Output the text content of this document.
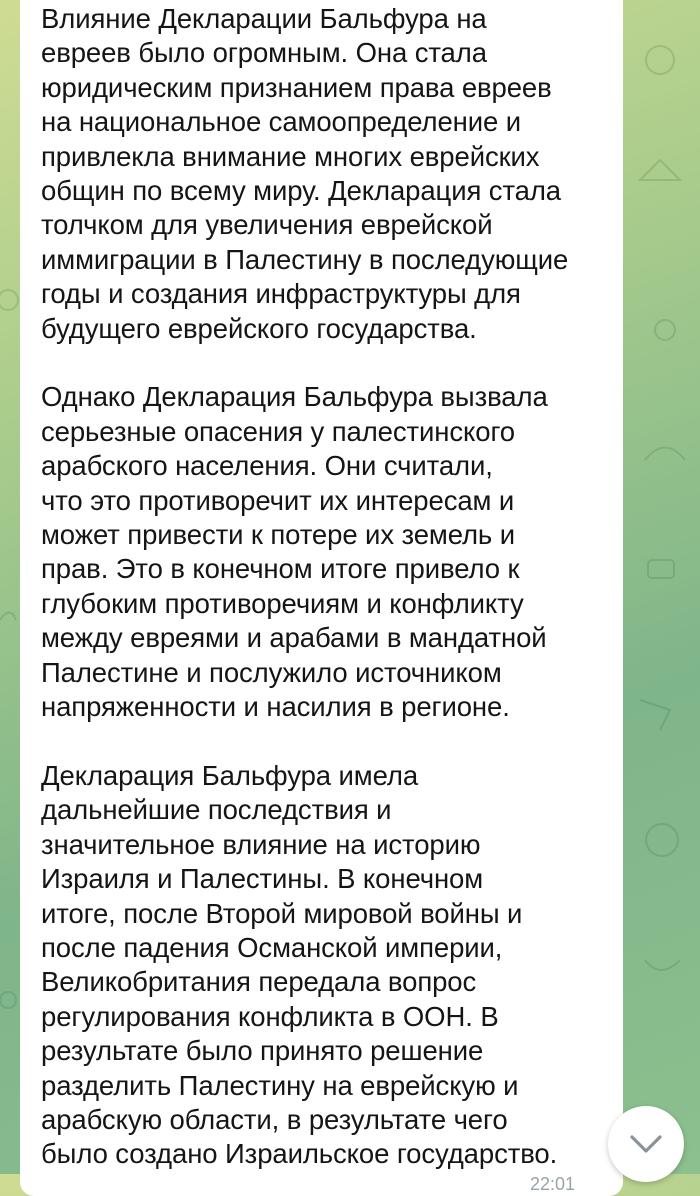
Влияние Декларации Бальфура на
евреев было огромным. Она стала
юридическим признанием права евреев
на национальное самоопределение и
привлекла внимание многих еврейских
общин по всему миру. Декларация стала
толчком для увеличения еврейской
иммиграции в Палестину в последующие
годы и создания инфраструктуры для
будущего еврейского государства.

Однако Декларация Бальфура вызвала
серьезные опасения у палестинского
арабского населения. Они считали,
что это противоречит их интересам и
может привести к потере их земель и
прав. Это в конечном итоге привело к
глубоким противоречиям и конфликту
между евреями и арабами в мандатной
Палестине и послужило источником
напряженности и насилия в регионе.

Декларация Бальфура имела
дальнейшие последствия и
значительное влияние на историю
Израиля и Палестины. В конечном
итоге, после Второй мировой войны и
после падения Османской империи,
Великобритания передала вопрос
регулирования конфликта в ООН. В
результате было принято решение
разделить Палестину на еврейскую и
арабскую области, в результате чего
было создано Израильское государство.

22:01
